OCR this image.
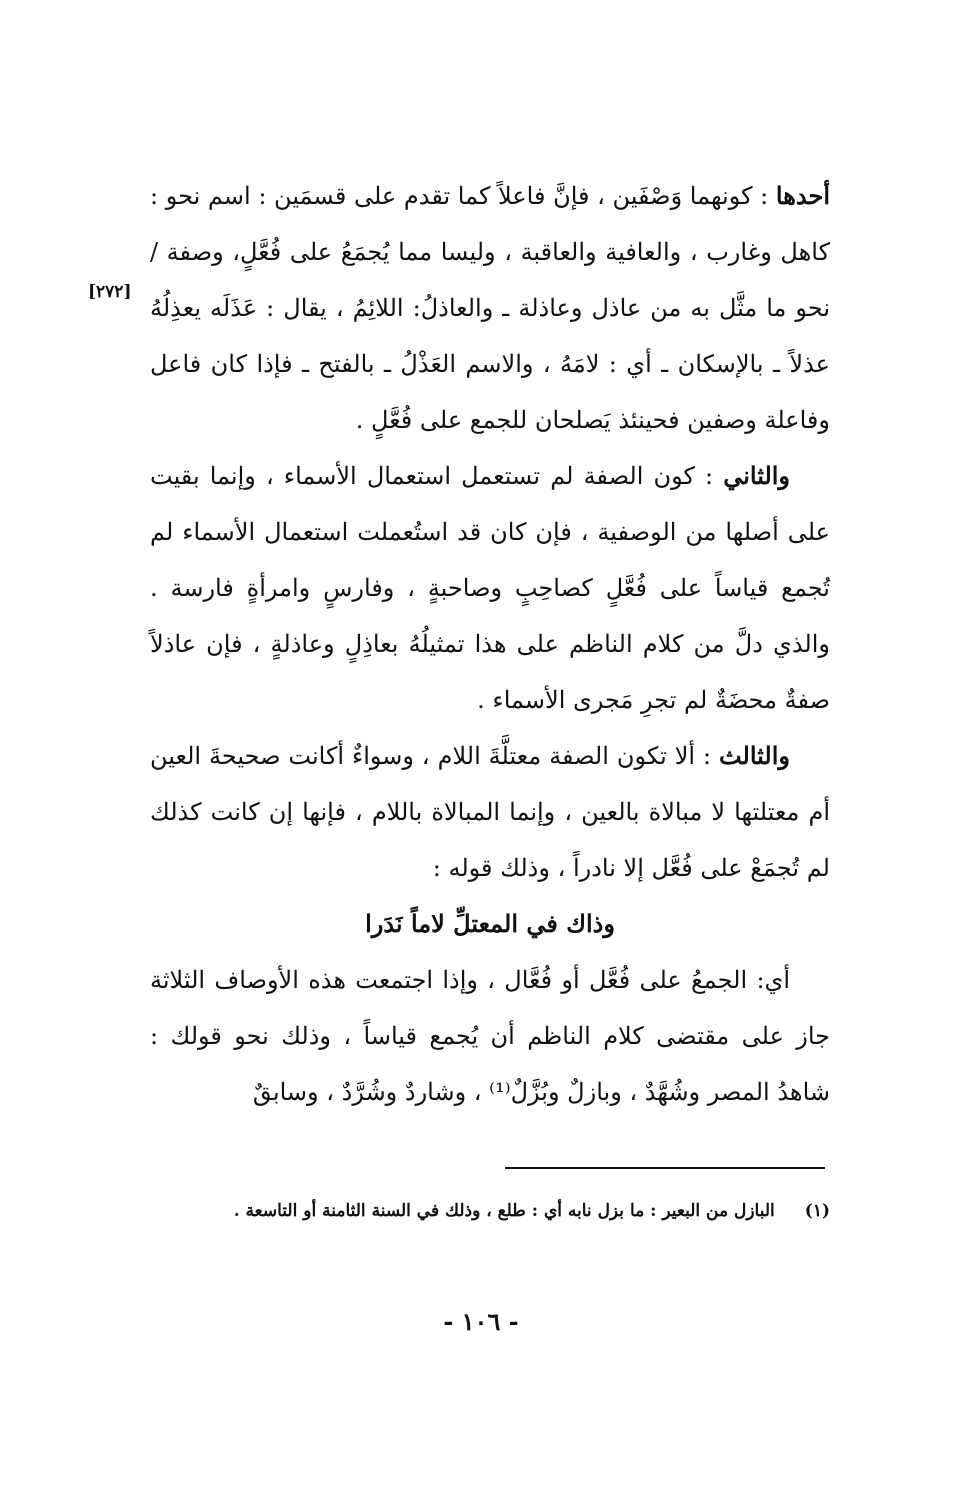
[٢٧٢]

أحدها : كونهما وَصْفَين ، فإنَّ فاعلاً كما تقدم على قسمَين : اسم نحو : كاهل وغارب ، والعافية والعاقبة ، وليسا مما يُجمَعُ على فُعَّلٍ، وصفة / نحو ما مثَّل به من عاذل وعاذلة ـ والعاذلُ: اللائِمُ ، يقال : عَذَلَه يعذِلُهُ عذلاً ـ بالإسكان ـ أي : لامَهُ ، والاسم العَذْلُ ـ بالفتح ـ فإذا كان فاعل وفاعلة وصفين فحينئذ يَصلحان للجمع على فُعَّلٍ .

والثاني : كون الصفة لم تستعمل استعمال الأسماء ، وإنما بقيت على أصلها من الوصفية ، فإن كان قد استُعملت استعمال الأسماء لم تُجمع قياساً على فُعَّلٍ كصاحِبٍ وصاحبةٍ ، وفارسٍ وامرأةٍ فارسة . والذي دلَّ من كلام الناظم على هذا تمثيلُهُ بعاذِلٍ وعاذلةٍ ، فإن عاذلاً صفةٌ محضَةٌ لم تجرِ مَجرى الأسماء .

والثالث : ألا تكون الصفة معتلَّةَ اللام ، وسواءٌ أكانت صحيحةَ العين أم معتلتها لا مبالاة بالعين ، وإنما المبالاة باللام ، فإنها إن كانت كذلك لم تُجمَعْ على فُعَّل إلا نادراً ، وذلك قوله :

وذاك في المعتلِّ لاماً نَدَرا

أي: الجمعُ على فُعَّل أو فُعَّال ، وإذا اجتمعت هذه الأوصاف الثلاثة جاز على مقتضى كلام الناظم أن يُجمع قياساً ، وذلك نحو قولك : شاهدُ المصر وشُهَّدٌ ، وبازلٌ وبُزَّلٌ⁽¹⁾ ، وشاردٌ وشُرَّدٌ ، وسابقٌ

(١)البازل من البعير : ما بزل نابه أي : طلع ، وذلك في السنة الثامنة أو التاسعة .
- ١٠٦ -
